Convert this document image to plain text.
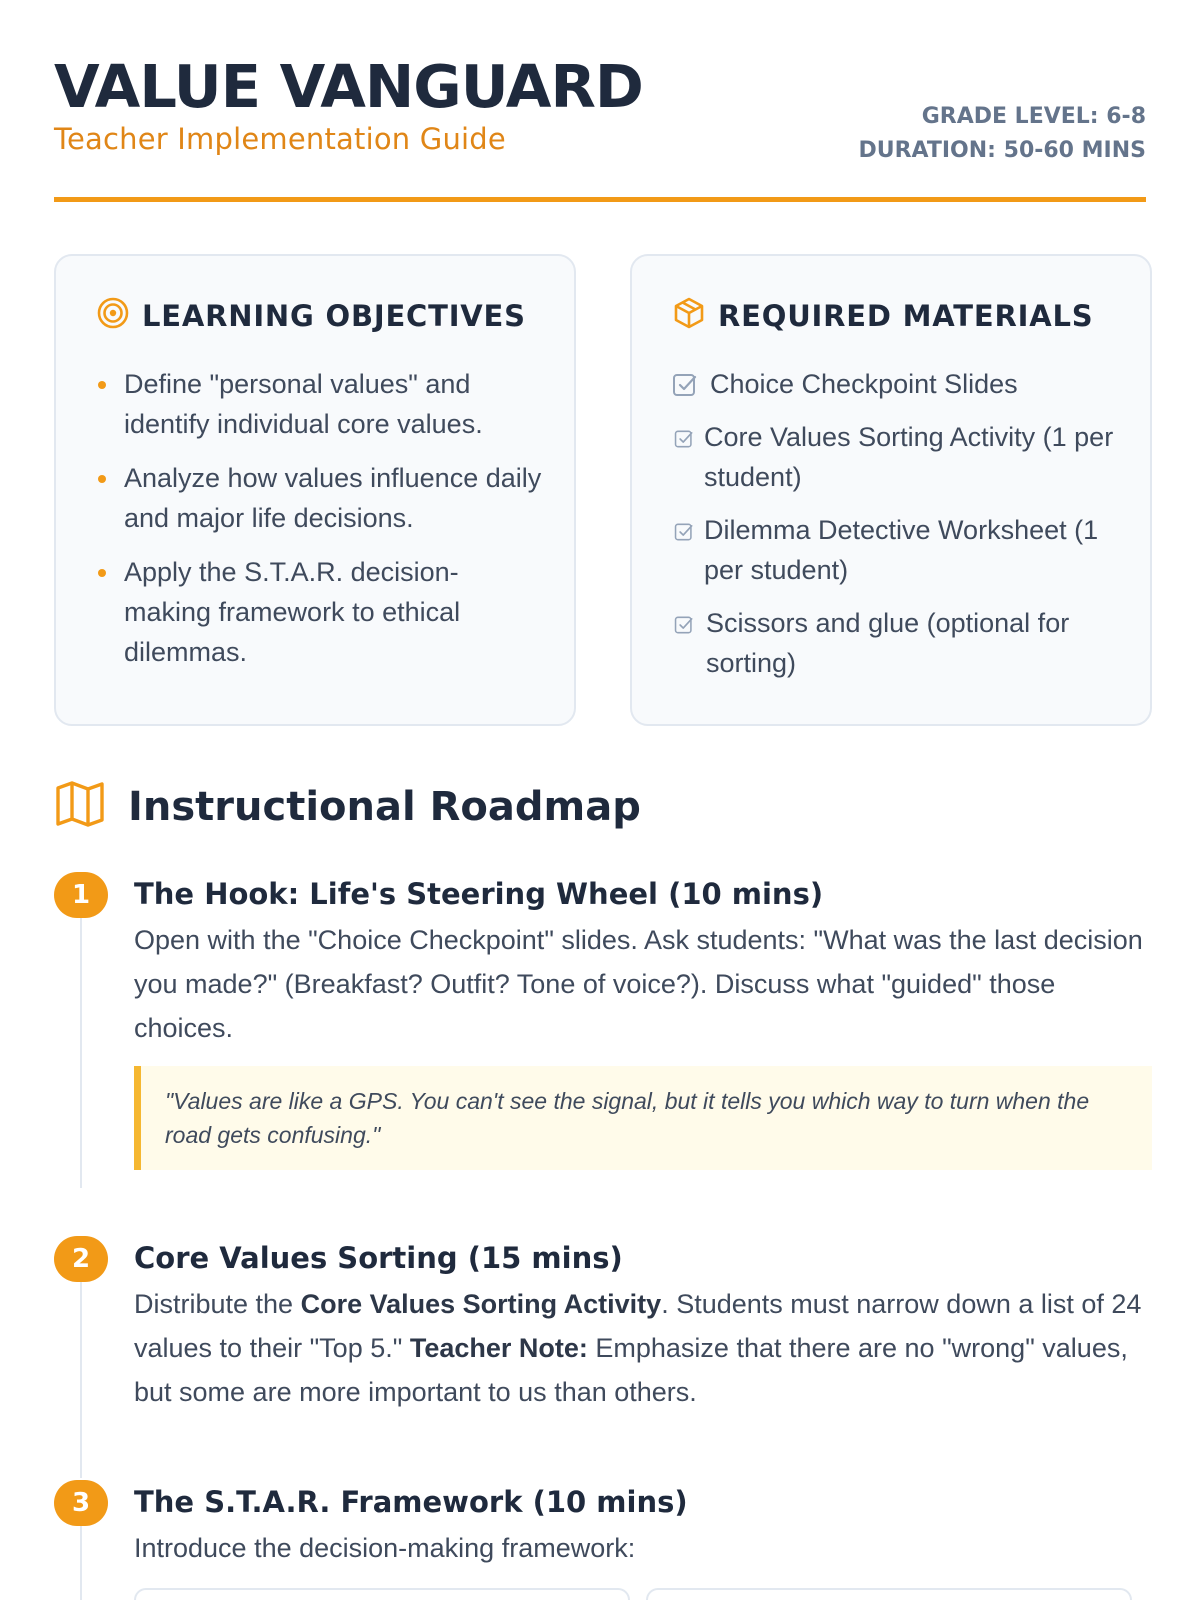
VALUE VANGUARD
Teacher Implementation Guide
GRADE LEVEL: 6-8
DURATION: 50-60 MINS
LEARNING OBJECTIVES
Define "personal values" and identify individual core values.
Analyze how values influence daily and major life decisions.
Apply the S.T.A.R. decision-making framework to ethical dilemmas.
REQUIRED MATERIALS
Choice Checkpoint Slides
Core Values Sorting Activity (1 per student)
Dilemma Detective Worksheet (1 per student)
Scissors and glue (optional for sorting)
Instructional Roadmap
1	The Hook: Life's Steering Wheel (10 mins)
Open with the "Choice Checkpoint" slides. Ask students: "What was the last decision you made?" (Breakfast? Outfit? Tone of voice?). Discuss what "guided" those choices.
"Values are like a GPS. You can't see the signal, but it tells you which way to turn when the road gets confusing."
2	Core Values Sorting (15 mins)
Distribute the Core Values Sorting Activity. Students must narrow down a list of 24 values to their "Top 5." Teacher Note: Emphasize that there are no "wrong" values, but some are more important to us than others.
3	The S.T.A.R. Framework (10 mins)
Introduce the decision-making framework:
